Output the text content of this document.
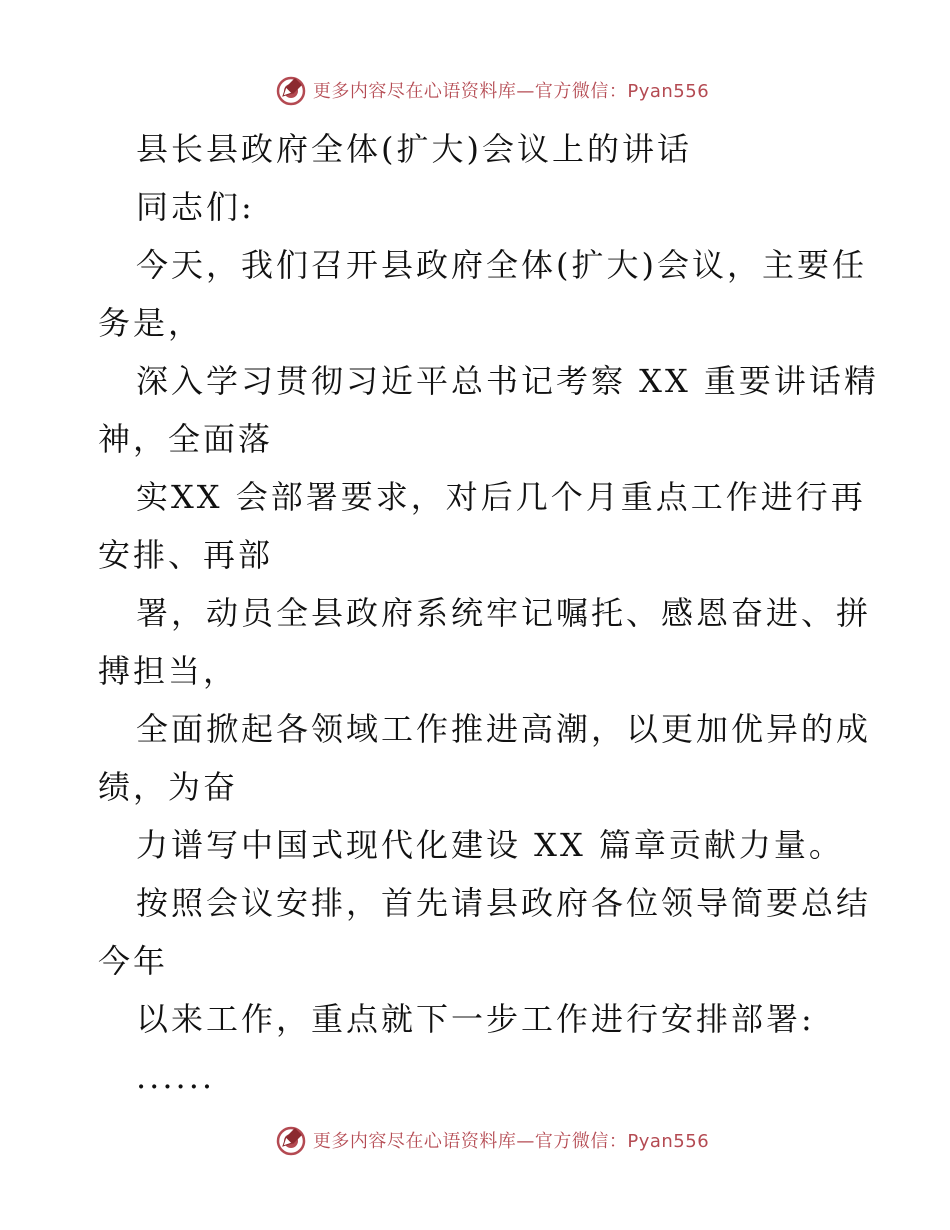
更多内容尽在心语资料库—官方微信：Pyan556
县长县政府全体(扩大)会议上的讲话
同志们:
今天，我们召开县政府全体(扩大)会议，主要任
务是，
深入学习贯彻习近平总书记考察 XX 重要讲话精
神，全面落
实XX 会部署要求，对后几个月重点工作进行再
安排、再部
署，动员全县政府系统牢记嘱托、感恩奋进、拼
搏担当，
全面掀起各领域工作推进高潮，以更加优异的成
绩，为奋
力谱写中国式现代化建设 XX 篇章贡献力量。
按照会议安排，首先请县政府各位领导简要总结
今年
以来工作，重点就下一步工作进行安排部署:
......
更多内容尽在心语资料库—官方微信：Pyan556
